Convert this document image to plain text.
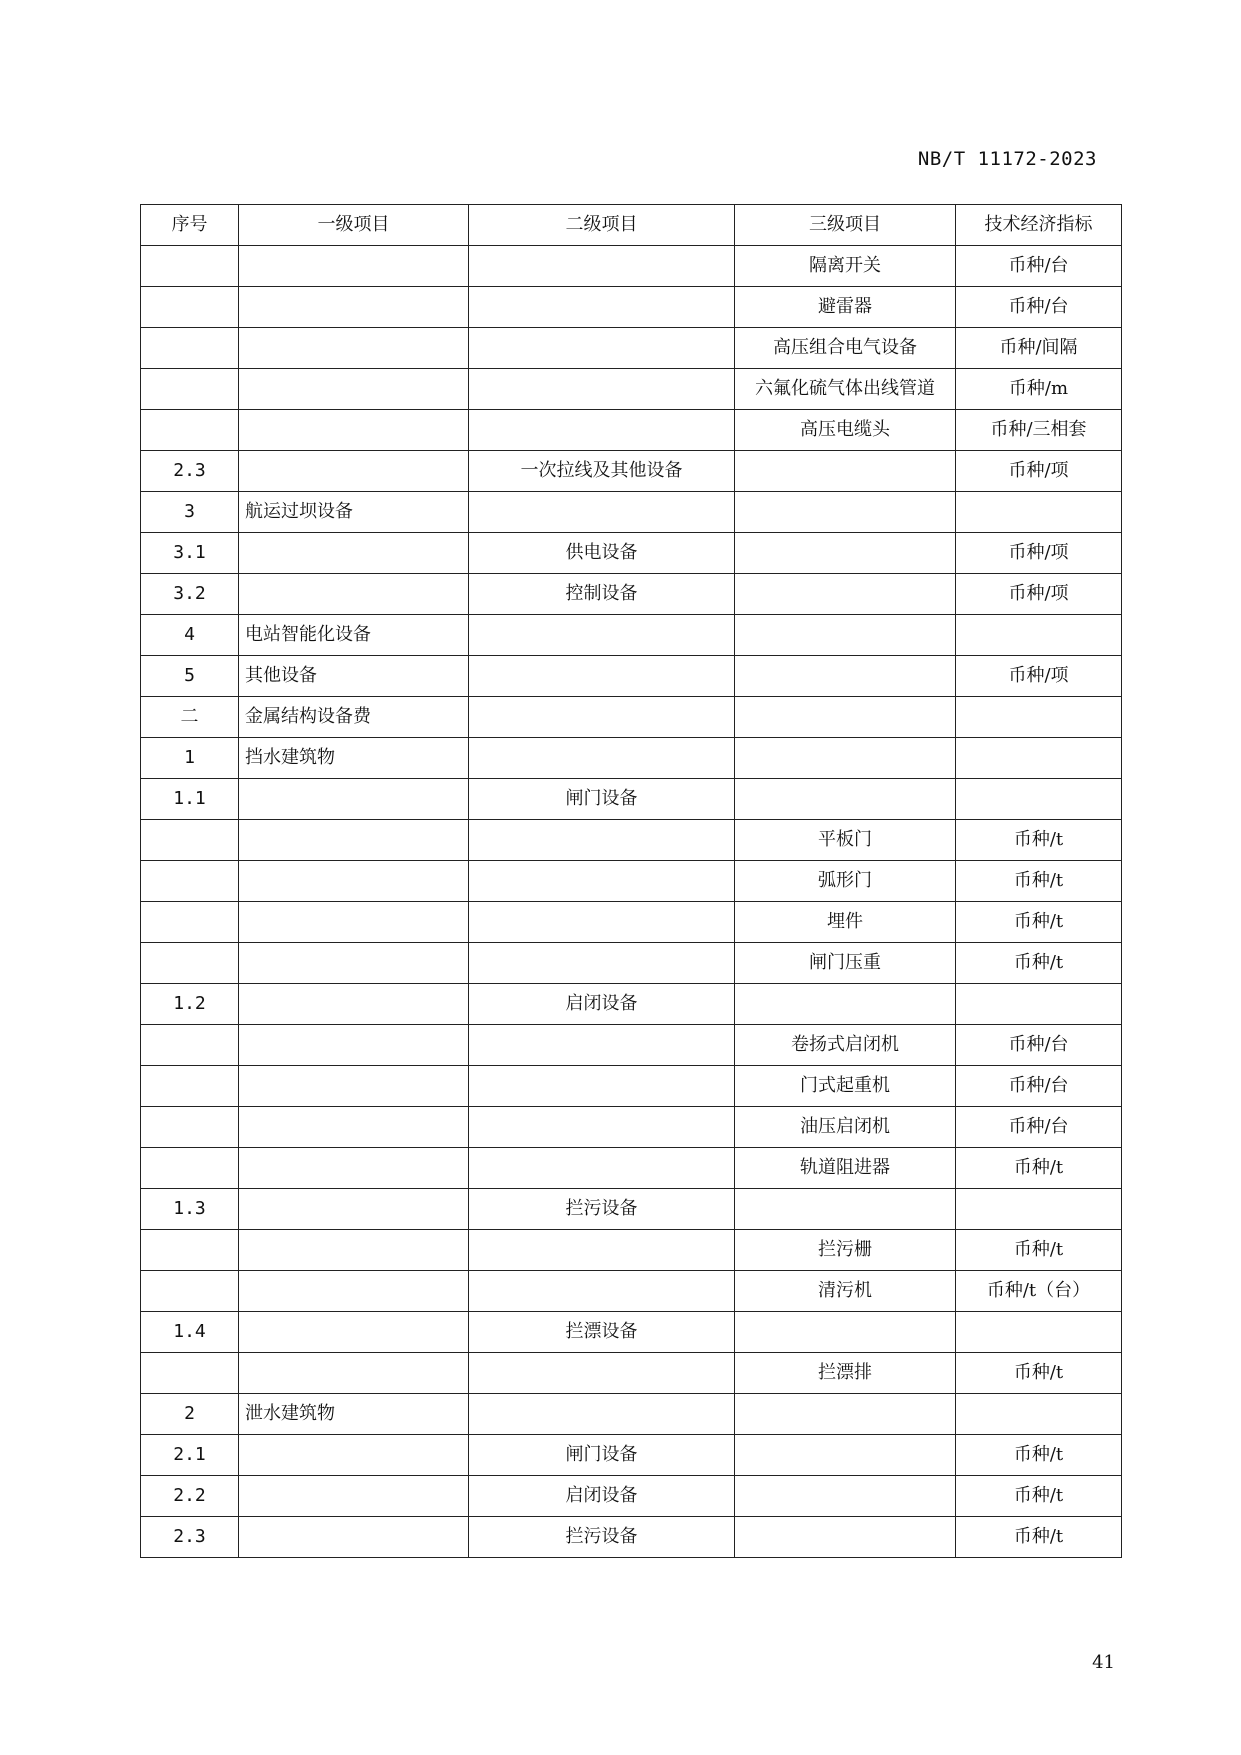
NB/T 11172-2023
序号	一级项目	二级项目	三级项目	技术经济指标
			隔离开关	币种/台
			避雷器	币种/台
			高压组合电气设备	币种/间隔
			六氟化硫气体出线管道	币种/m
			高压电缆头	币种/三相套
2.3		一次拉线及其他设备		币种/项
3	航运过坝设备			
3.1		供电设备		币种/项
3.2		控制设备		币种/项
4	电站智能化设备			
5	其他设备			币种/项
二	金属结构设备费			
1	挡水建筑物			
1.1		闸门设备		
			平板门	币种/t
			弧形门	币种/t
			埋件	币种/t
			闸门压重	币种/t
1.2		启闭设备		
			卷扬式启闭机	币种/台
			门式起重机	币种/台
			油压启闭机	币种/台
			轨道阻进器	币种/t
1.3		拦污设备		
			拦污栅	币种/t
			清污机	币种/t（台）
1.4		拦漂设备		
			拦漂排	币种/t
2	泄水建筑物			
2.1		闸门设备		币种/t
2.2		启闭设备		币种/t
2.3		拦污设备		币种/t
41
